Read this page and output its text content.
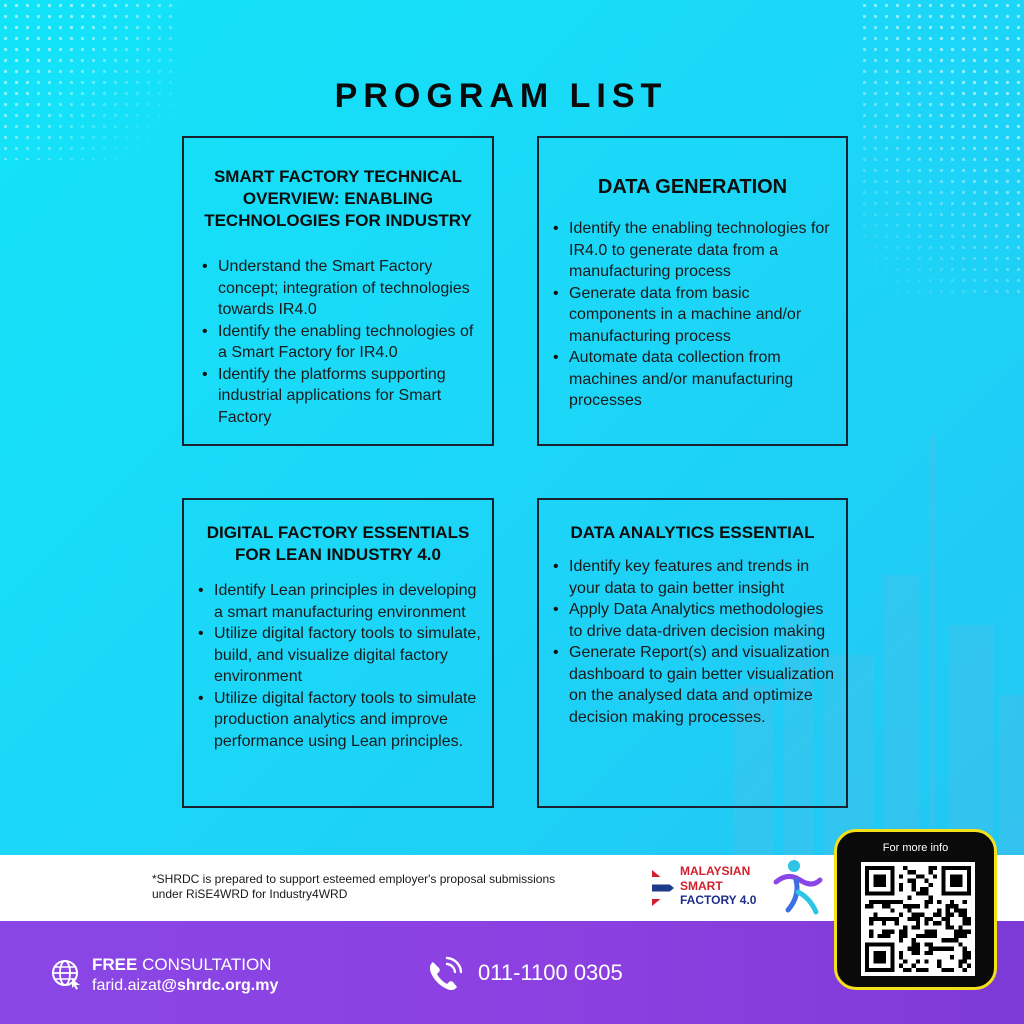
PROGRAM LIST
SMART FACTORY TECHNICAL OVERVIEW: ENABLING TECHNOLOGIES FOR INDUSTRY
• Understand the Smart Factory concept; integration of technologies towards IR4.0
• Identify the enabling technologies of a Smart Factory for IR4.0
• Identify the platforms supporting industrial applications for Smart Factory
DATA GENERATION
• Identify the enabling technologies for IR4.0 to generate data from a manufacturing process
• Generate data from basic components in a machine and/or manufacturing process
• Automate data collection from machines and/or manufacturing processes
DIGITAL FACTORY ESSENTIALS FOR LEAN INDUSTRY 4.0
• Identify Lean principles in developing a smart manufacturing environment
• Utilize digital factory tools to simulate, build, and visualize digital factory environment
• Utilize digital factory tools to simulate production analytics and improve performance using Lean principles.
DATA ANALYTICS ESSENTIAL
• Identify key features and trends in your data to gain better insight
• Apply Data Analytics methodologies to drive data-driven decision making
• Generate Report(s) and visualization dashboard to gain better visualization on the analysed data and optimize decision making processes.
*SHRDC is prepared to support esteemed employer's proposal submissions
under RiSE4WRD for Industry4WRD
MALAYSIAN
SMART
FACTORY 4.0
FREE CONSULTATION
farid.aizat@shrdc.org.my
011-1100 0305
For more info
